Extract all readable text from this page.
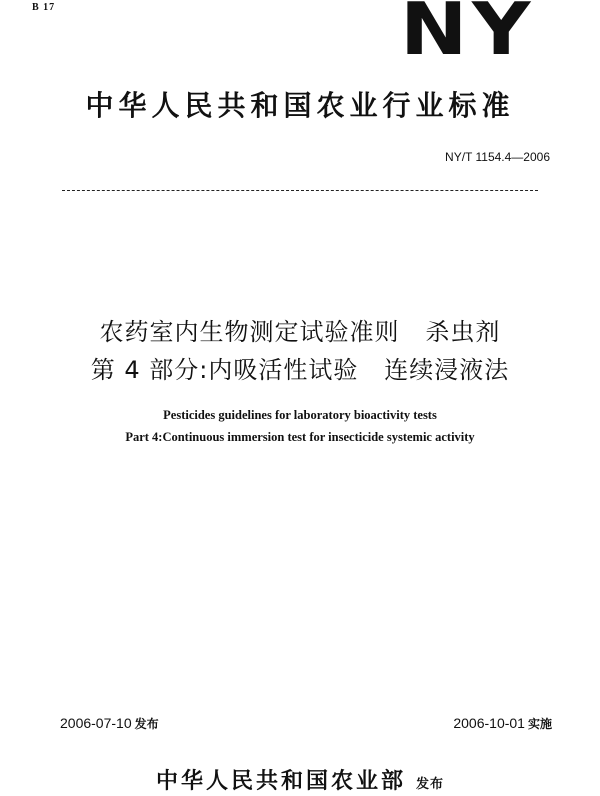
B 17	NY
中华人民共和国农业行业标准
NY/T 1154.4—2006
农药室内生物测定试验准则   杀虫剂
第 4 部分:内吸活性试验   连续浸液法
Pesticides guidelines for laboratory bioactivity tests
Part 4:Continuous immersion test for insecticide systemic activity
2006-07-10 发布	2006-10-01 实施
中华人民共和国农业部 发布
